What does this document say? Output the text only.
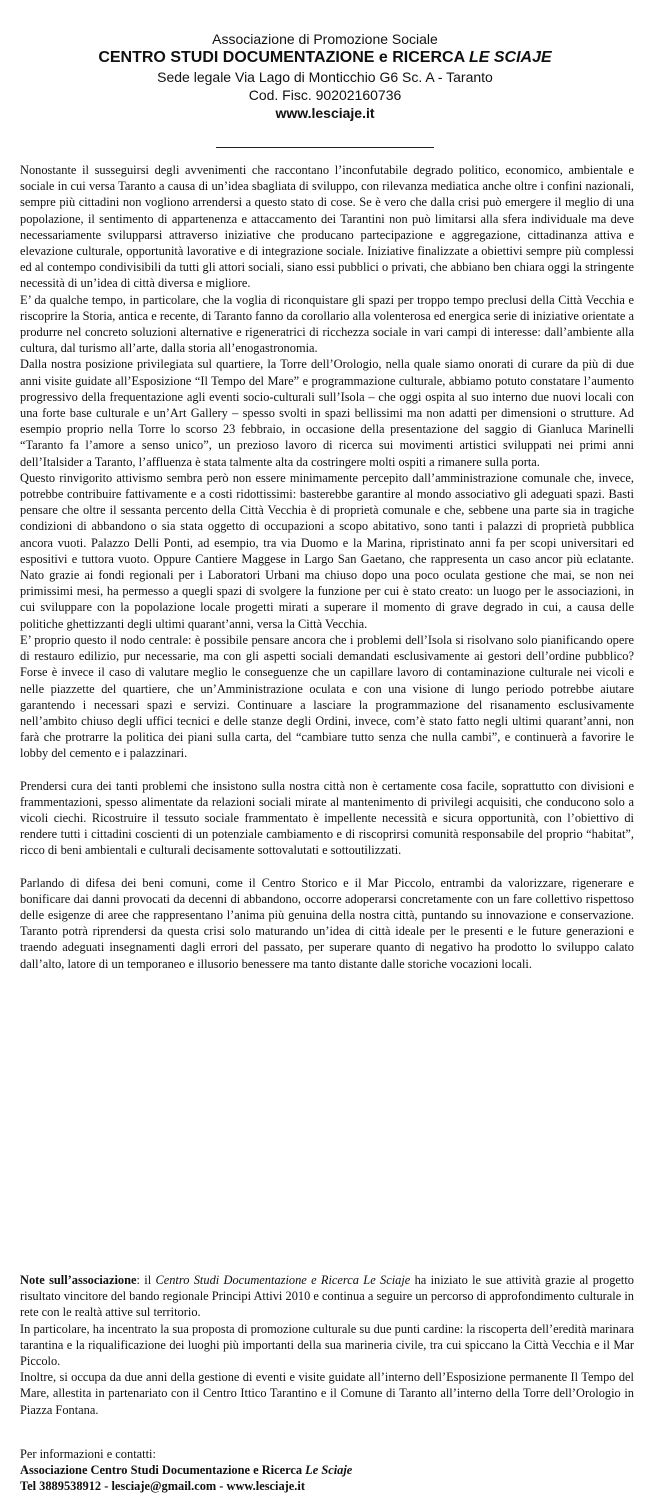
Associazione di Promozione Sociale
CENTRO STUDI DOCUMENTAZIONE e RICERCA LE SCIAJE
Sede legale Via Lago di Monticchio G6 Sc. A - Taranto
Cod. Fisc. 90202160736
www.lesciaje.it

Nonostante il susseguirsi degli avvenimenti che raccontano l’inconfutabile degrado politico, economico, ambientale e sociale in cui versa Taranto a causa di un’idea sbagliata di sviluppo, con rilevanza mediatica anche oltre i confini nazionali, sempre più cittadini non vogliono arrendersi a questo stato di cose. Se è vero che dalla crisi può emergere il meglio di una popolazione, il sentimento di appartenenza e attaccamento dei Tarantini non può limitarsi alla sfera individuale ma deve necessariamente svilupparsi attraverso iniziative che producano partecipazione e aggregazione, cittadinanza attiva e elevazione culturale, opportunità lavorative e di integrazione sociale. Iniziative finalizzate a obiettivi sempre più complessi ed al contempo condivisibili da tutti gli attori sociali, siano essi pubblici o privati, che abbiano ben chiara oggi la stringente necessità di un’idea di città diversa e migliore.

E’ da qualche tempo, in particolare, che la voglia di riconquistare gli spazi per troppo tempo preclusi della Città Vecchia e riscoprire la Storia, antica e recente, di Taranto fanno da corollario alla volenterosa ed energica serie di iniziative orientate a produrre nel concreto soluzioni alternative e rigeneratrici di ricchezza sociale in vari campi di interesse: dall’ambiente alla cultura, dal turismo all’arte, dalla storia all’enogastronomia.

Dalla nostra posizione privilegiata sul quartiere, la Torre dell’Orologio, nella quale siamo onorati di curare da più di due anni visite guidate all’Esposizione “Il Tempo del Mare” e programmazione culturale, abbiamo potuto constatare l’aumento progressivo della frequentazione agli eventi socio-culturali sull’Isola – che oggi ospita al suo interno due nuovi locali con una forte base culturale e un’Art Gallery – spesso svolti in spazi bellissimi ma non adatti per dimensioni o strutture. Ad esempio proprio nella Torre lo scorso 23 febbraio, in occasione della presentazione del saggio di Gianluca Marinelli “Taranto fa l’amore a senso unico”, un prezioso lavoro di ricerca sui movimenti artistici sviluppati nei primi anni dell’Italsider a Taranto, l’affluenza è stata talmente alta da costringere molti ospiti a rimanere sulla porta.

Questo rinvigorito attivismo sembra però non essere minimamente percepito dall’amministrazione comunale che, invece, potrebbe contribuire fattivamente e a costi ridottissimi: basterebbe garantire al mondo associativo gli adeguati spazi. Basti pensare che oltre il sessanta percento della Città Vecchia è di proprietà comunale e che, sebbene una parte sia in tragiche condizioni di abbandono o sia stata oggetto di occupazioni a scopo abitativo, sono tanti i palazzi di proprietà pubblica ancora vuoti. Palazzo Delli Ponti, ad esempio, tra via Duomo e la Marina, ripristinato anni fa per scopi universitari ed espositivi e tuttora vuoto. Oppure Cantiere Maggese in Largo San Gaetano, che rappresenta un caso ancor più eclatante. Nato grazie ai fondi regionali per i Laboratori Urbani ma chiuso dopo una poco oculata gestione che mai, se non nei primissimi mesi, ha permesso a quegli spazi di svolgere la funzione per cui è stato creato: un luogo per le associazioni, in cui sviluppare con la popolazione locale progetti mirati a superare il momento di grave degrado in cui, a causa delle politiche ghettizzanti degli ultimi quarant’anni, versa la Città Vecchia.

E’ proprio questo il nodo centrale: è possibile pensare ancora che i problemi dell’Isola si risolvano solo pianificando opere di restauro edilizio, pur necessarie, ma con gli aspetti sociali demandati esclusivamente ai gestori dell’ordine pubblico? Forse è invece il caso di valutare meglio le conseguenze che un capillare lavoro di contaminazione culturale nei vicoli e nelle piazzette del quartiere, che un’Amministrazione oculata e con una visione di lungo periodo potrebbe aiutare garantendo i necessari spazi e servizi. Continuare a lasciare la programmazione del risanamento esclusivamente nell’ambito chiuso degli uffici tecnici e delle stanze degli Ordini, invece, com’è stato fatto negli ultimi quarant’anni, non farà che protrarre la politica dei piani sulla carta, del “cambiare tutto senza che nulla cambi”, e continuerà a favorire le lobby del cemento e i palazzinari.

Prendersi cura dei tanti problemi che insistono sulla nostra città non è certamente cosa facile, soprattutto con divisioni e frammentazioni, spesso alimentate da relazioni sociali mirate al mantenimento di privilegi acquisiti, che conducono solo a vicoli ciechi. Ricostruire il tessuto sociale frammentato è impellente necessità e sicura opportunità, con l’obiettivo di rendere tutti i cittadini coscienti di un potenziale cambiamento e di riscoprirsi comunità responsabile del proprio “habitat”, ricco di beni ambientali e culturali decisamente sottovalutati e sottoutilizzati.

Parlando di difesa dei beni comuni, come il Centro Storico e il Mar Piccolo, entrambi da valorizzare, rigenerare e bonificare dai danni provocati da decenni di abbandono, occorre adoperarsi concretamente con un fare collettivo rispettoso delle esigenze di aree che rappresentano l’anima più genuina della nostra città, puntando su innovazione e conservazione. Taranto potrà riprendersi da questa crisi solo maturando un’idea di città ideale per le presenti e le future generazioni e traendo adeguati insegnamenti dagli errori del passato, per superare quanto di negativo ha prodotto lo sviluppo calato dall’alto, latore di un temporaneo e illusorio benessere ma tanto distante dalle storiche vocazioni locali.

Note sull’associazione: il Centro Studi Documentazione e Ricerca Le Sciaje ha iniziato le sue attività grazie al progetto risultato vincitore del bando regionale Principi Attivi 2010 e continua a seguire un percorso di approfondimento culturale in rete con le realtà attive sul territorio.

In particolare, ha incentrato la sua proposta di promozione culturale su due punti cardine: la riscoperta dell’eredità marinara tarantina e la riqualificazione dei luoghi più importanti della sua marineria civile, tra cui spiccano la Città Vecchia e il Mar Piccolo.

Inoltre, si occupa da due anni della gestione di eventi e visite guidate all’interno dell’Esposizione permanente Il Tempo del Mare, allestita in partenariato con il Centro Ittico Tarantino e il Comune di Taranto all’interno della Torre dell’Orologio in Piazza Fontana.

Per informazioni e contatti:
Associazione Centro Studi Documentazione e Ricerca Le Sciaje
Tel 3889538912 - lesciaje@gmail.com - www.lesciaje.it
